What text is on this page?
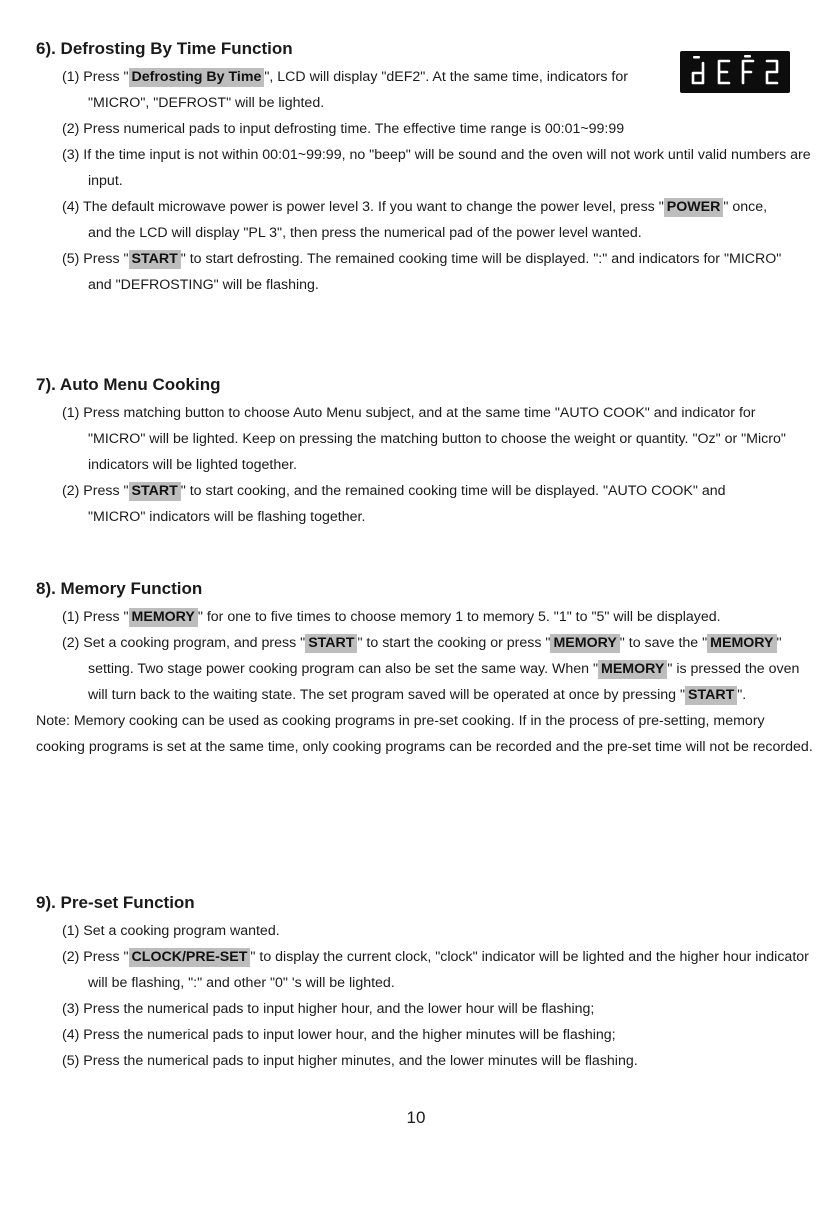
6). Defrosting By Time Function
(1) Press " Defrosting By Time ", LCD will display "dEF2". At the same time, indicators for "MICRO", "DEFROST" will be lighted.
(2) Press numerical pads to input defrosting time. The effective time range is 00:01~99:99
(3) If the time input is not within 00:01~99:99, no "beep" will be sound and the oven will not work until valid numbers are input.
(4) The default microwave power is power level 3. If you want to change the power level, press " POWER " once, and the LCD will display "PL 3", then press the numerical pad of the power level wanted.
(5) Press " START " to start defrosting. The remained cooking time will be displayed. ":" and indicators for "MICRO" and "DEFROSTING" will be flashing.
7). Auto Menu Cooking
(1) Press matching button to choose Auto Menu subject, and at the same time "AUTO COOK" and indicator for "MICRO" will be lighted. Keep on pressing the matching button to choose the weight or quantity. "Oz" or "Micro" indicators will be lighted together.
(2) Press " START " to start cooking, and the remained cooking time will be displayed. "AUTO COOK" and "MICRO" indicators will be flashing together.
8). Memory Function
(1) Press " MEMORY " for one to five times to choose memory 1 to memory 5. "1" to "5" will be displayed.
(2) Set a cooking program, and press " START " to start the cooking or press " MEMORY " to save the " MEMORY " setting. Two stage power cooking program can also be set the same way. When " MEMORY " is pressed the oven will turn back to the waiting state. The set program saved will be operated at once by pressing " START ".
Note: Memory cooking can be used as cooking programs in pre-set cooking. If in the process of pre-setting, memory cooking programs is set at the same time, only cooking programs can be recorded and the pre-set time will not be recorded.
9). Pre-set Function
(1) Set a cooking program wanted.
(2) Press " CLOCK/PRE-SET " to display the current clock, "clock" indicator will be lighted and the higher hour indicator will be flashing, ":" and other "0" 's will be lighted.
(3) Press the numerical pads to input higher hour, and the lower hour will be flashing;
(4) Press the numerical pads to input lower hour, and the higher minutes will be flashing;
(5) Press the numerical pads to input higher minutes, and the lower minutes will be flashing.
10
